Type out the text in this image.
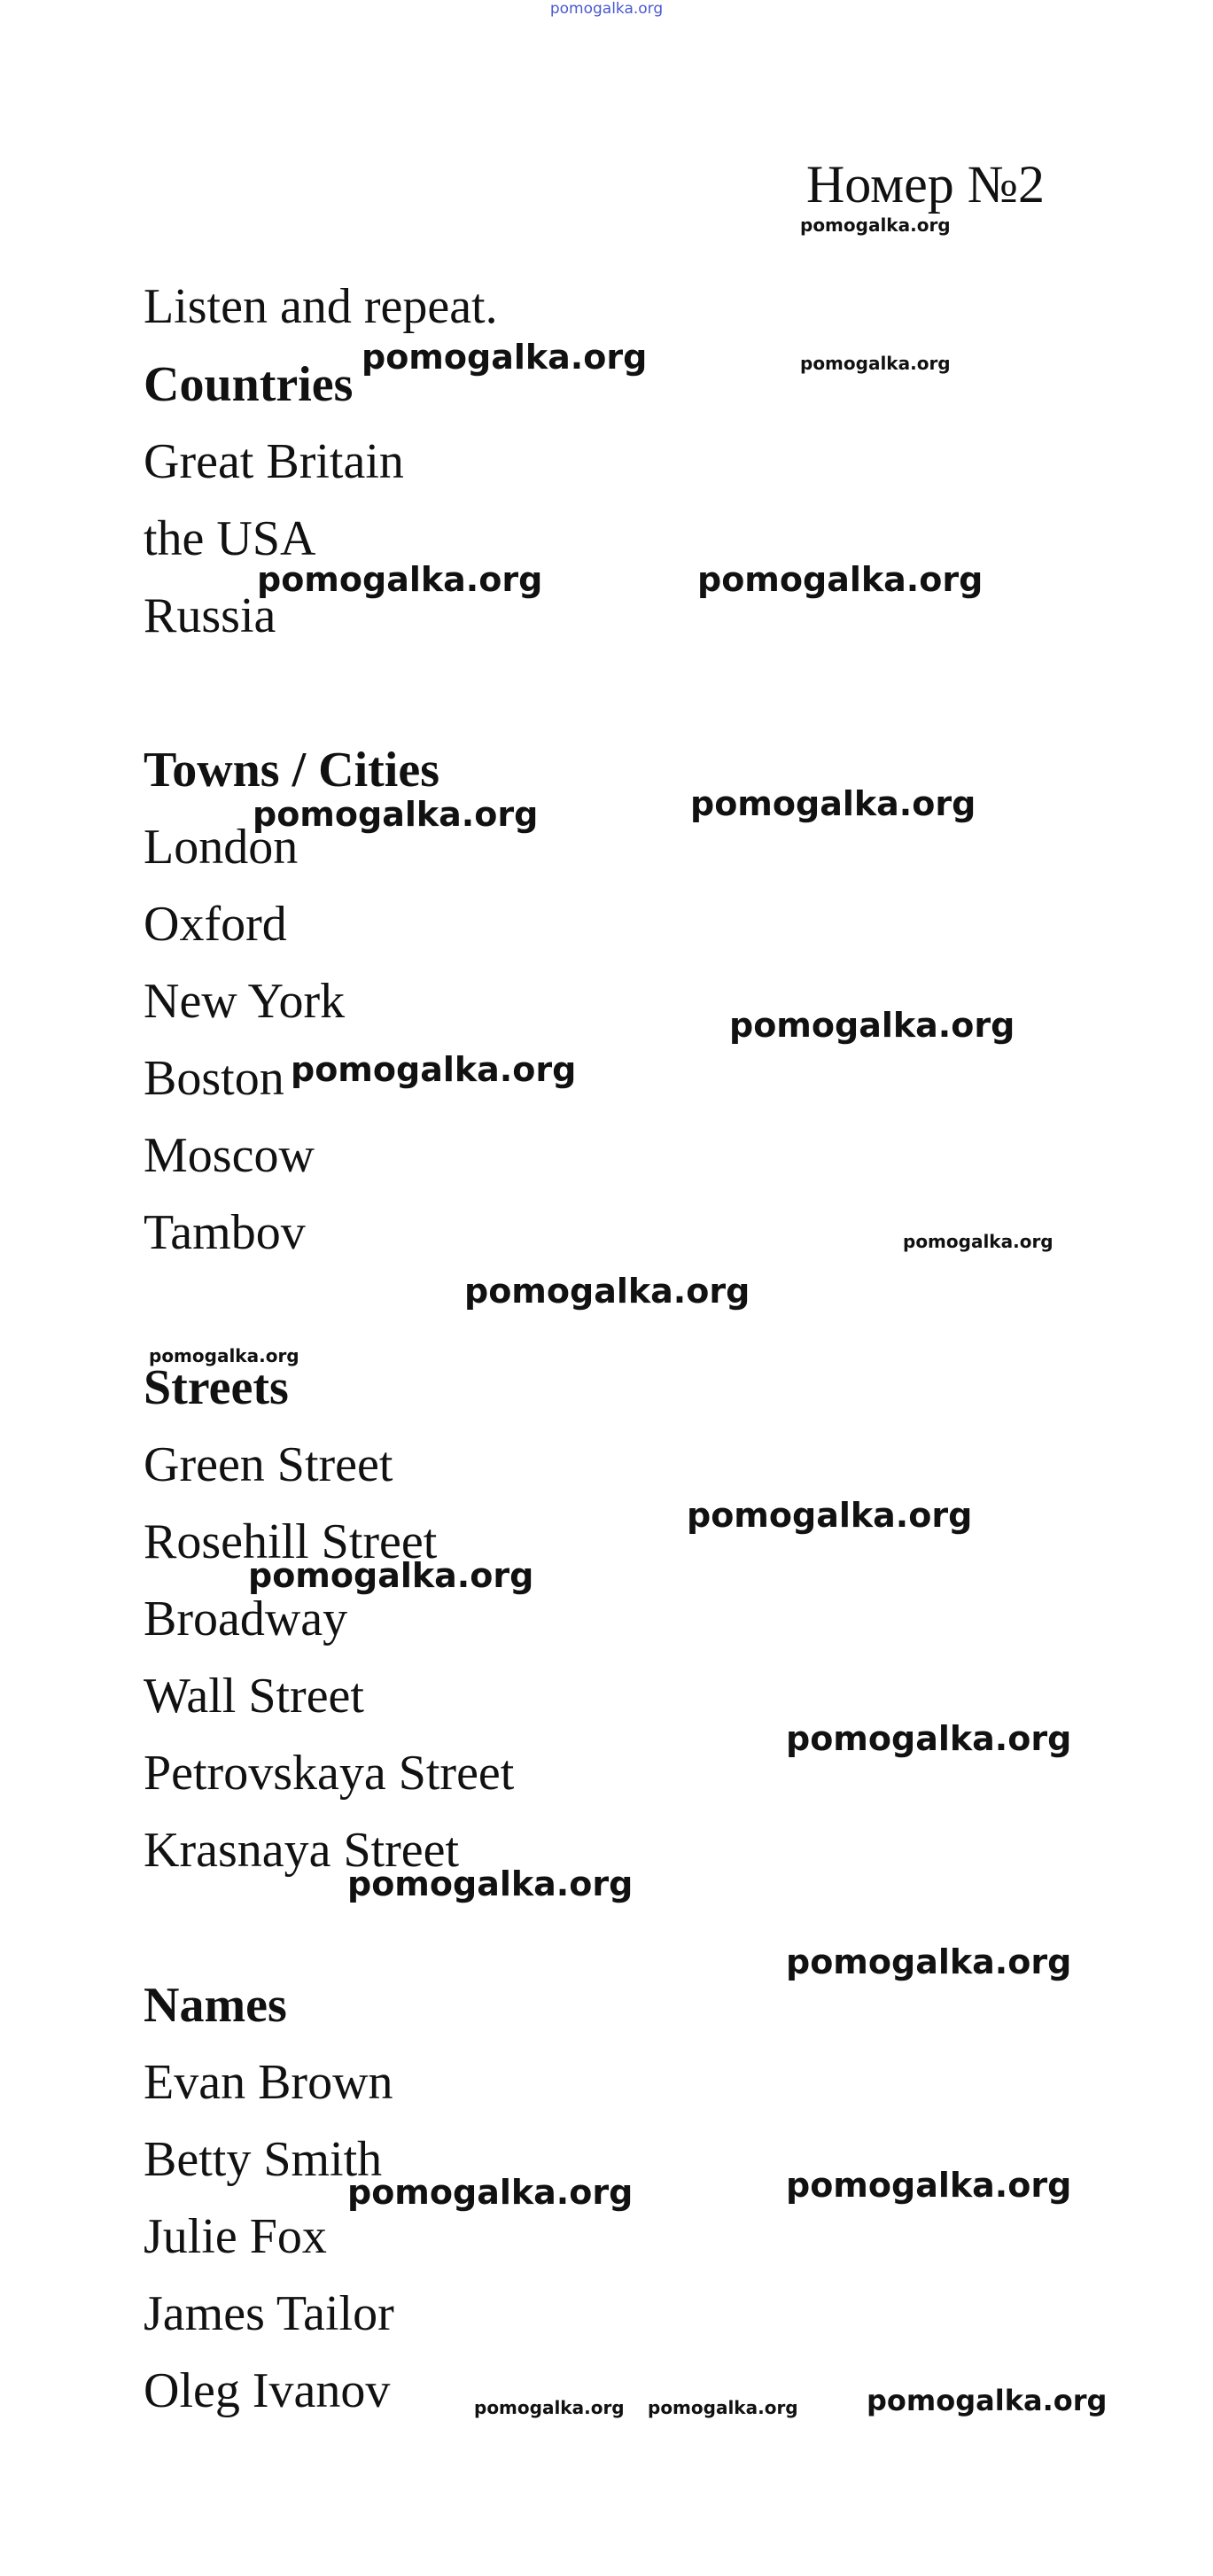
pomogalka.org
Номер №2
Listen and repeat.
Countries
Great Britain
the USA
Russia
Towns / Cities
London
Oxford
New York
Boston
Moscow
Tambov
Streets
Green Street
Rosehill Street
Broadway
Wall Street
Petrovskaya Street
Krasnaya Street
Names
Evan Brown
Betty Smith
Julie Fox
James Tailor
Oleg Ivanov
pomogalka.org
pomogalka.org	pomogalka.org
pomogalka.org	pomogalka.org
pomogalka.org	pomogalka.org
pomogalka.org
pomogalka.org
pomogalka.org
pomogalka.org
pomogalka.org
pomogalka.org
pomogalka.org
pomogalka.org
pomogalka.org
pomogalka.org
pomogalka.org	pomogalka.org
pomogalka.org pomogalka.org pomogalka.org
